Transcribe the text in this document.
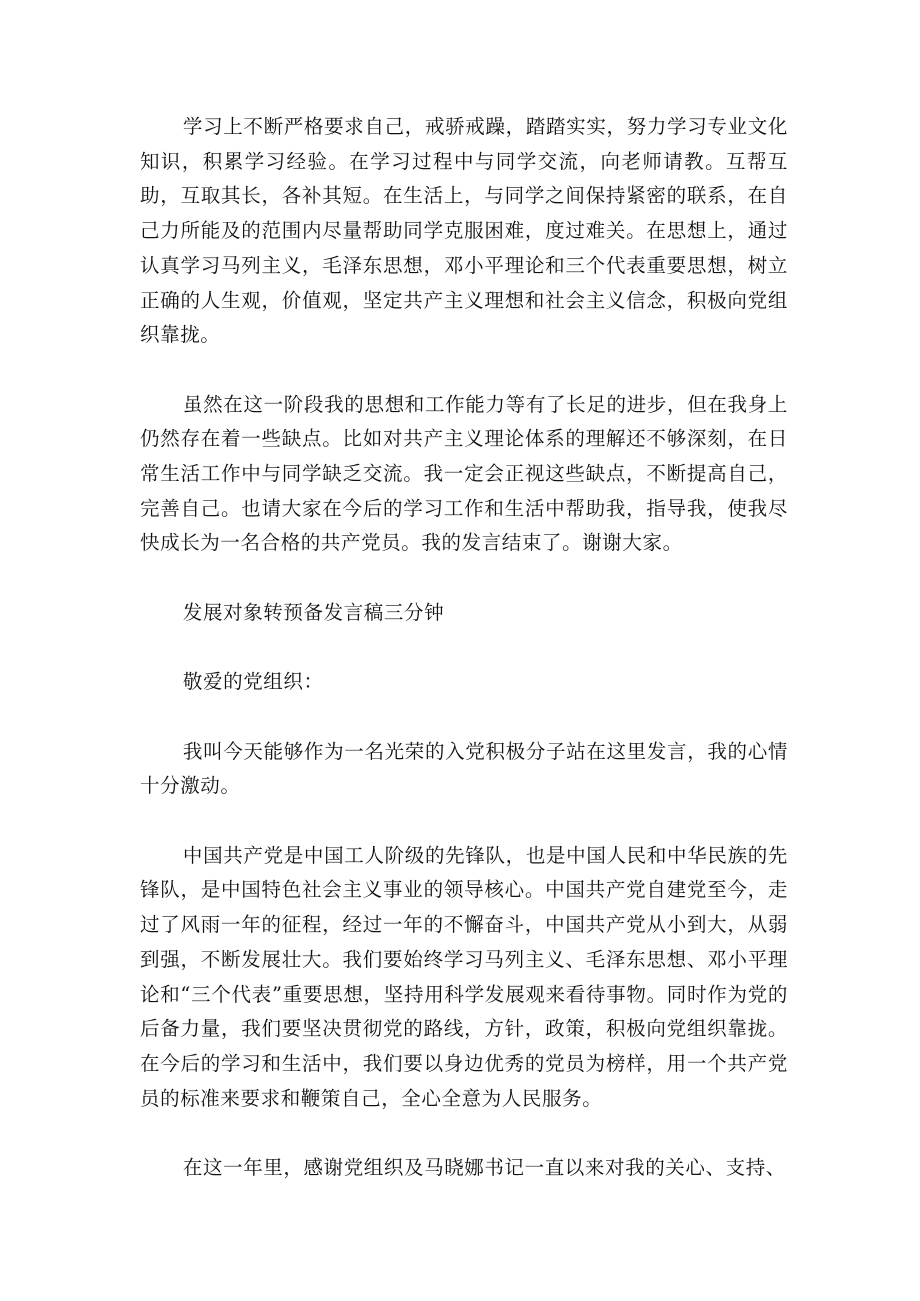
学习上不断严格要求自己，戒骄戒躁，踏踏实实，努力学习专业文化知识，积累学习经验。在学习过程中与同学交流，向老师请教。互帮互助，互取其长，各补其短。在生活上，与同学之间保持紧密的联系，在自己力所能及的范围内尽量帮助同学克服困难，度过难关。在思想上，通过认真学习马列主义，毛泽东思想，邓小平理论和三个代表重要思想，树立正确的人生观，价值观，坚定共产主义理想和社会主义信念，积极向党组织靠拢。

虽然在这一阶段我的思想和工作能力等有了长足的进步，但在我身上仍然存在着一些缺点。比如对共产主义理论体系的理解还不够深刻，在日常生活工作中与同学缺乏交流。我一定会正视这些缺点，不断提高自己，完善自己。也请大家在今后的学习工作和生活中帮助我，指导我，使我尽快成长为一名合格的共产党员。我的发言结束了。谢谢大家。

发展对象转预备发言稿三分钟

敬爱的党组织：

我叫今天能够作为一名光荣的入党积极分子站在这里发言，我的心情十分激动。

中国共产党是中国工人阶级的先锋队，也是中国人民和中华民族的先锋队，是中国特色社会主义事业的领导核心。中国共产党自建党至今，走过了风雨一年的征程，经过一年的不懈奋斗，中国共产党从小到大，从弱到强，不断发展壮大。我们要始终学习马列主义、毛泽东思想、邓小平理论和“三个代表”重要思想，坚持用科学发展观来看待事物。同时作为党的后备力量，我们要坚决贯彻党的路线，方针，政策，积极向党组织靠拢。在今后的学习和生活中，我们要以身边优秀的党员为榜样，用一个共产党员的标准来要求和鞭策自己，全心全意为人民服务。

在这一年里，感谢党组织及马晓娜书记一直以来对我的关心、支持、
